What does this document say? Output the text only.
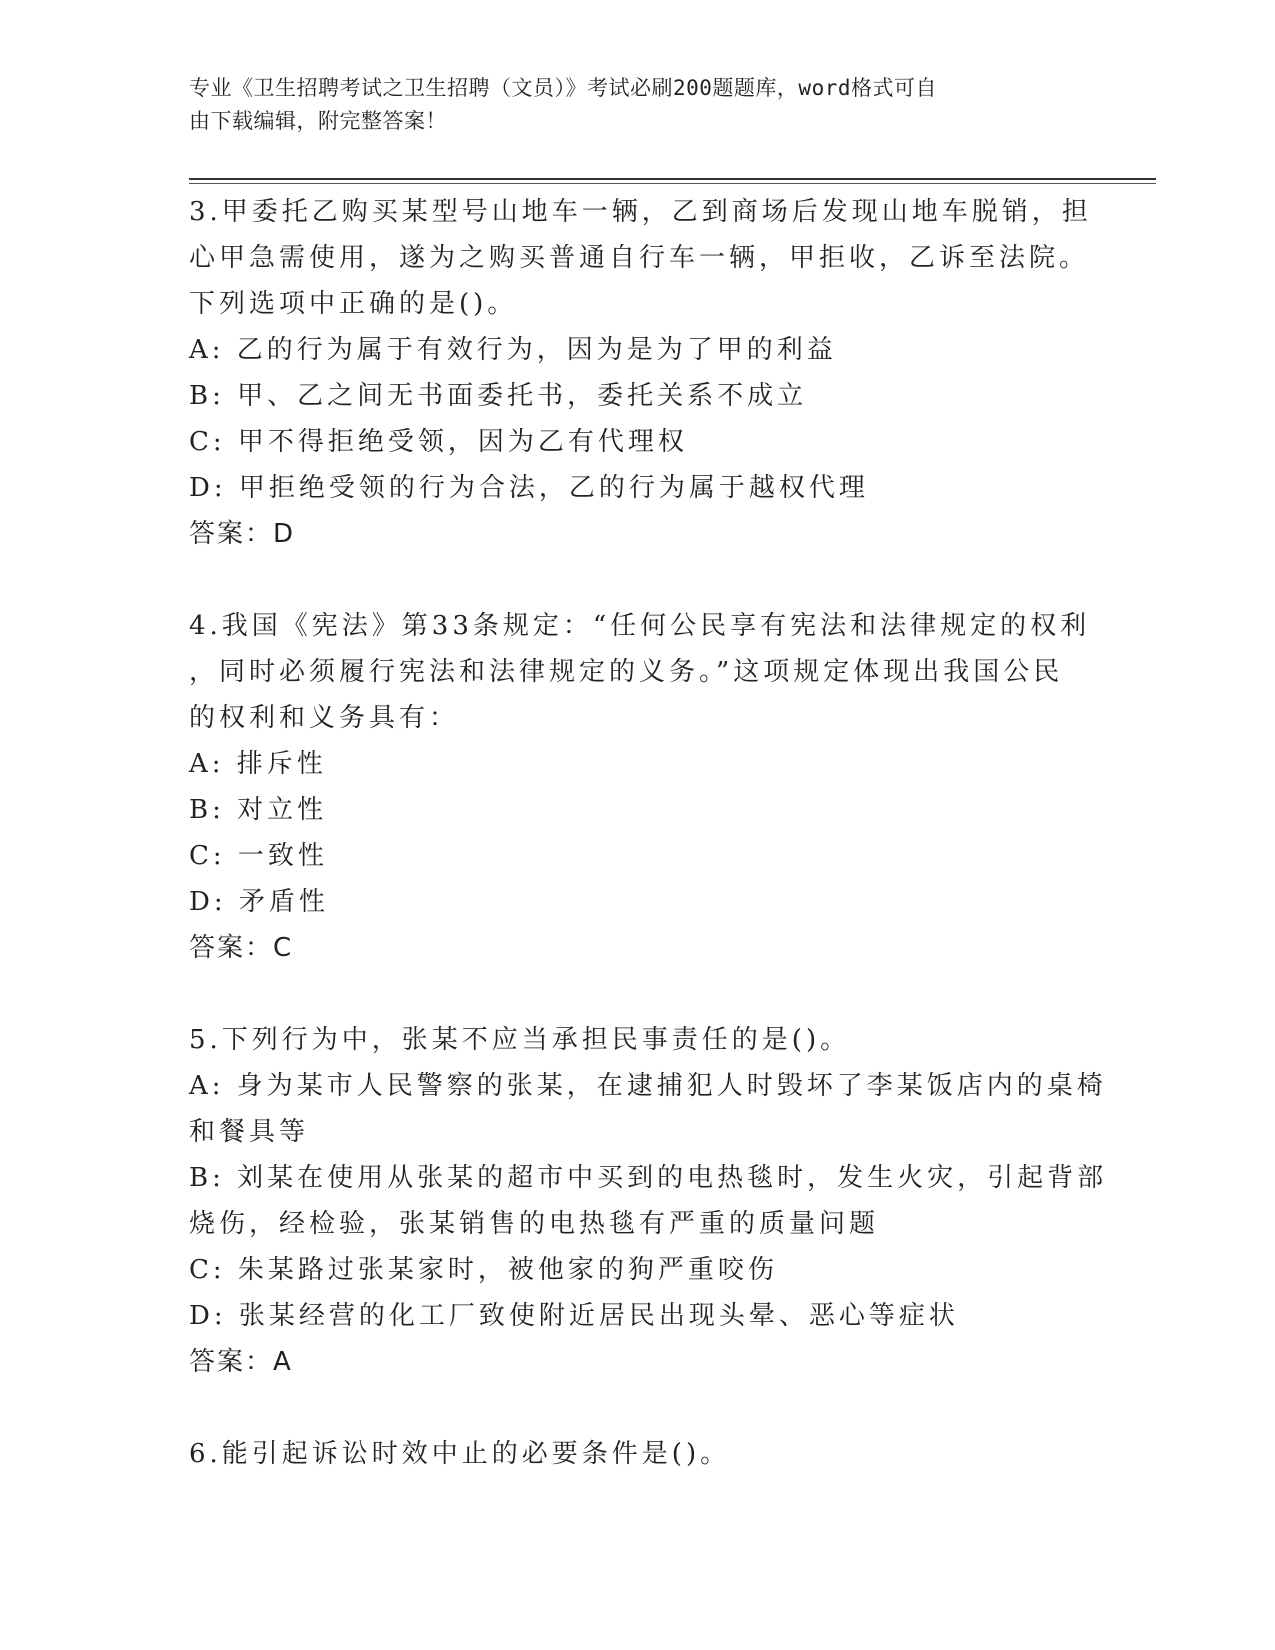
专业《卫生招聘考试之卫生招聘（文员）》考试必刷200题题库，word格式可自
由下载编辑，附完整答案！
3.甲委托乙购买某型号山地车一辆，乙到商场后发现山地车脱销，担
心甲急需使用，遂为之购买普通自行车一辆，甲拒收，乙诉至法院。
下列选项中正确的是()。
A: 乙的行为属于有效行为，因为是为了甲的利益
B: 甲、乙之间无书面委托书，委托关系不成立
C: 甲不得拒绝受领，因为乙有代理权
D: 甲拒绝受领的行为合法，乙的行为属于越权代理
答案：D
4.我国《宪法》第33条规定：“任何公民享有宪法和法律规定的权利
，同时必须履行宪法和法律规定的义务。”这项规定体现出我国公民
的权利和义务具有：
A: 排斥性
B: 对立性
C: 一致性
D: 矛盾性
答案：C
5.下列行为中，张某不应当承担民事责任的是()。
A: 身为某市人民警察的张某，在逮捕犯人时毁坏了李某饭店内的桌椅
和餐具等
B: 刘某在使用从张某的超市中买到的电热毯时，发生火灾，引起背部
烧伤，经检验，张某销售的电热毯有严重的质量问题
C: 朱某路过张某家时，被他家的狗严重咬伤
D: 张某经营的化工厂致使附近居民出现头晕、恶心等症状
答案：A
6.能引起诉讼时效中止的必要条件是()。
